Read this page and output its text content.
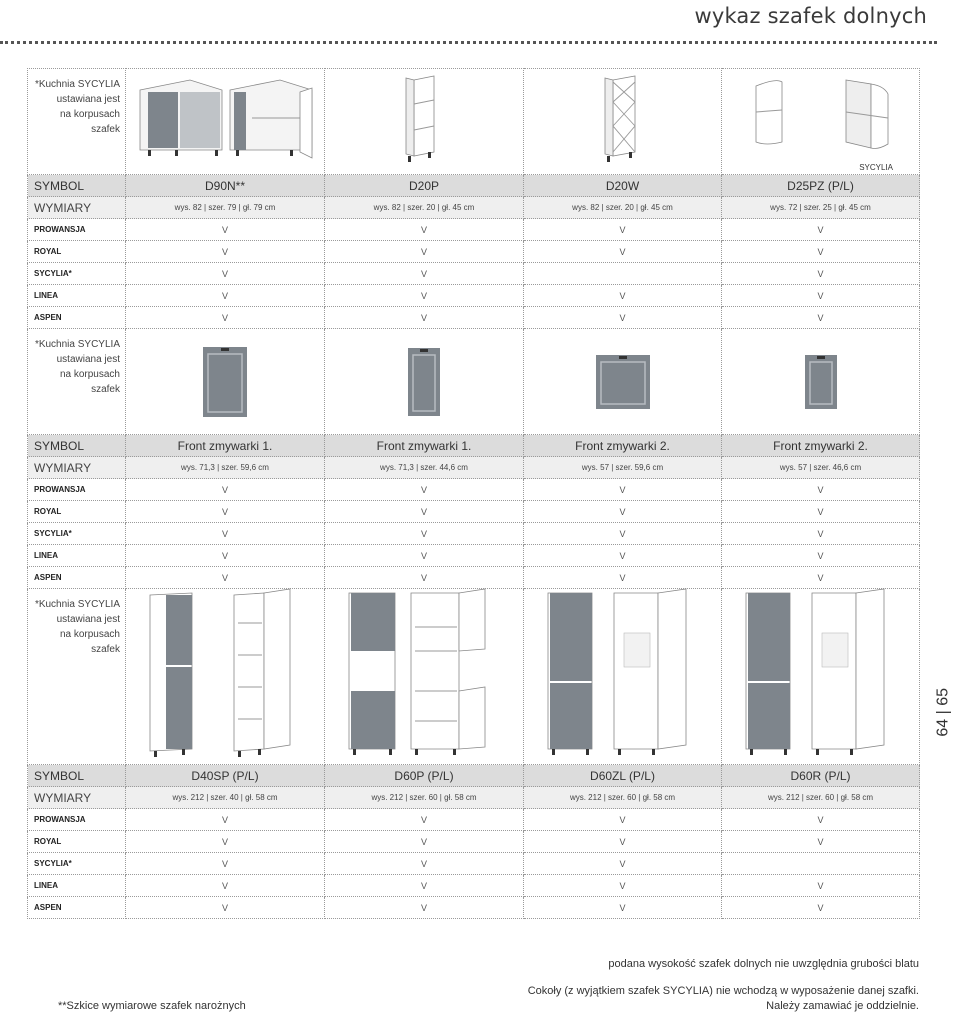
wykaz szafek dolnych
*Kuchnia SYCYLIA
ustawiana jest
na korpusach
szafek				SYCYLIA

SYMBOL	D90N**	D20P	D20W	D25PZ (P/L)
WYMIARY	wys. 82 | szer. 79 | gł. 79 cm	wys. 82 | szer. 20 | gł. 45 cm	wys. 82 | szer. 20 | gł. 45 cm	wys. 72 | szer. 25 | gł. 45 cm
PROWANSJA	V	V	V	V
ROYAL	V	V	V	V
SYCYLIA*	V	V		V
LINEA	V	V	V	V
ASPEN	V	V	V	V

*Kuchnia SYCYLIA
ustawiana jest
na korpusach
szafek

SYMBOL	Front zmywarki 1.	Front zmywarki 1.	Front zmywarki 2.	Front zmywarki 2.
WYMIARY	wys. 71,3 | szer. 59,6 cm	wys. 71,3 | szer. 44,6 cm	wys. 57 | szer. 59,6 cm	wys. 57 | szer. 46,6 cm
PROWANSJA	V	V	V	V
ROYAL	V	V	V	V
SYCYLIA*	V	V	V	V
LINEA	V	V	V	V
ASPEN	V	V	V	V

*Kuchnia SYCYLIA
ustawiana jest
na korpusach
szafek

SYMBOL	D40SP (P/L)	D60P (P/L)	D60ZL (P/L)	D60R (P/L)
WYMIARY	wys. 212 | szer. 40 | gł. 58 cm	wys. 212 | szer. 60 | gł. 58 cm	wys. 212 | szer. 60 | gł. 58 cm	wys. 212 | szer. 60 | gł. 58 cm
PROWANSJA	V	V	V	V
ROYAL	V	V	V	V
SYCYLIA*	V	V	V	
LINEA	V	V	V	V
ASPEN	V	V	V	V
64 | 65
podana wysokość szafek dolnych nie uwzględnia grubości blatu
Cokoły (z wyjątkiem szafek SYCYLIA) nie wchodzą w wyposażenie danej szafki.
Należy zamawiać je oddzielnie.
**Szkice wymiarowe szafek narożnych
